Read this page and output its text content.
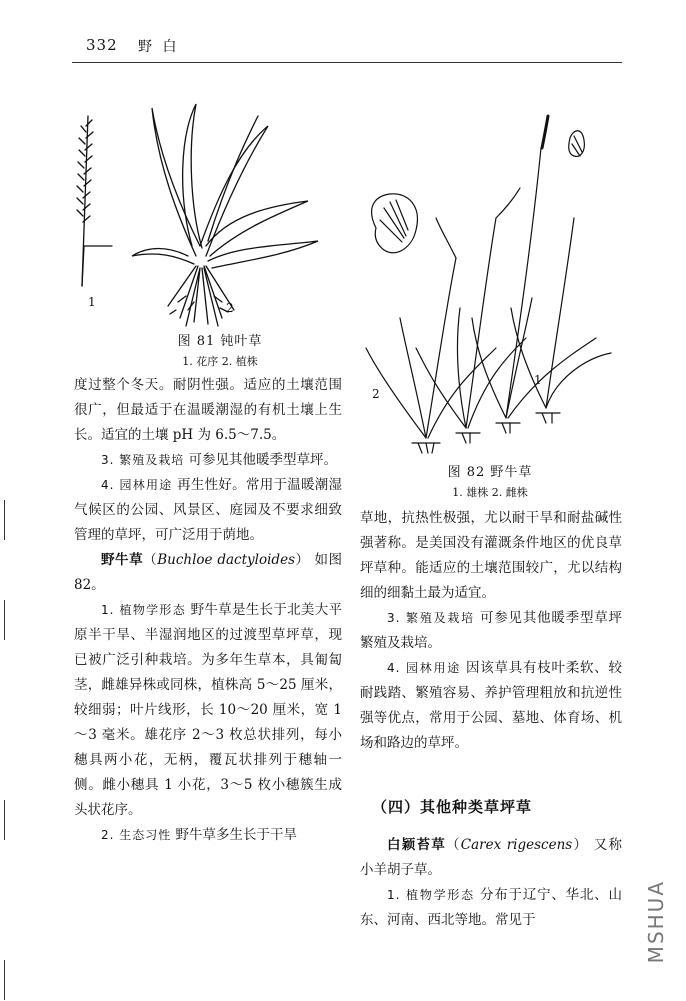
332 野 白
1	2
图 81 钝叶草
1. 花序 2. 植株
2
1
图 82 野牛草
1. 雄株 2. 雌株

度过整个冬天。耐阴性强。适应的土壤范围很广，但最适于在温暖潮湿的有机土壤上生长。适宜的土壤 pH 为 6.5～7.5。

3. 繁殖及栽培 可参见其他暖季型草坪。

4. 园林用途 再生性好。常用于温暖潮湿气候区的公园、风景区、庭园及不要求细致管理的草坪，可广泛用于荫地。

野牛草（Buchloe dactyloides） 如图 82。

1. 植物学形态 野牛草是生长于北美大平原半干旱、半湿润地区的过渡型草坪草，现已被广泛引种栽培。为多年生草本，具匍匐茎，雌雄异株或同株，植株高 5～25 厘米，较细弱；叶片线形，长 10～20 厘米，宽 1～3 毫米。雄花序 2～3 枚总状排列，每小穗具两小花，无柄，覆瓦状排列于穗轴一侧。雌小穗具 1 小花，3～5 枚小穗簇生成头状花序。

2. 生态习性 野牛草多生长于干旱

草地，抗热性极强，尤以耐干旱和耐盐碱性强著称。是美国没有灌溉条件地区的优良草坪草种。能适应的土壤范围较广，尤以结构细的细黏土最为适宜。

3. 繁殖及栽培 可参见其他暖季型草坪繁殖及栽培。

4. 园林用途 因该草具有枝叶柔软、较耐践踏、繁殖容易、养护管理粗放和抗逆性强等优点，常用于公园、墓地、体育场、机场和路边的草坪。

（四）其他种类草坪草

白颖苔草（Carex rigescens） 又称小羊胡子草。

1. 植物学形态 分布于辽宁、华北、山东、河南、西北等地。常见于	MSHUA
